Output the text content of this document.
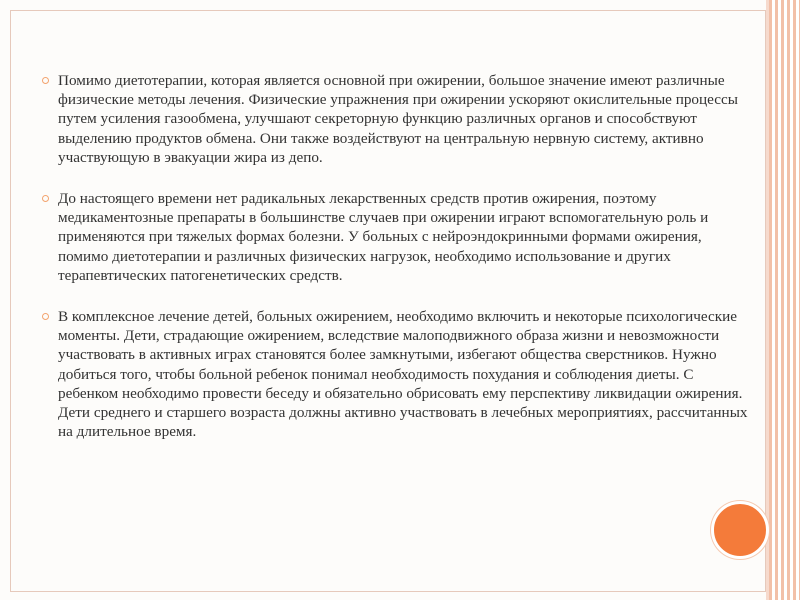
Помимо диетотерапии, которая является основной при ожирении, большое значение имеют различные физические методы лечения. Физические упражнения при ожирении ускоряют окислительные процессы путем усиления газообмена, улучшают секреторную функцию различных органов и способствуют выделению продуктов обмена. Они также воздействуют на центральную нервную систему, активно участвующую в эвакуации жира из депо.
До настоящего времени нет радикальных лекарственных средств против ожирения, поэтому медикаментозные препараты в большинстве случаев при ожирении играют вспомогательную роль и применяются при тяжелых формах болезни. У больных с нейроэндокринными формами ожирения, помимо диетотерапии и различных физических нагрузок, необходимо использование и других терапевтических патогенетических средств.
В комплексное лечение детей, больных ожирением, необходимо включить и некоторые психологические моменты. Дети, страдающие ожирением, вследствие малоподвижного образа жизни и невозможности участвовать в активных играх становятся более замкнутыми, избегают общества сверстников. Нужно добиться того, чтобы больной ребенок понимал необходимость похудания и соблюдения диеты. С ребенком необходимо провести беседу и обязательно обрисовать ему перспективу ликвидации ожирения. Дети среднего и старшего возраста должны активно участвовать в лечебных мероприятиях, рассчитанных на длительное время.
